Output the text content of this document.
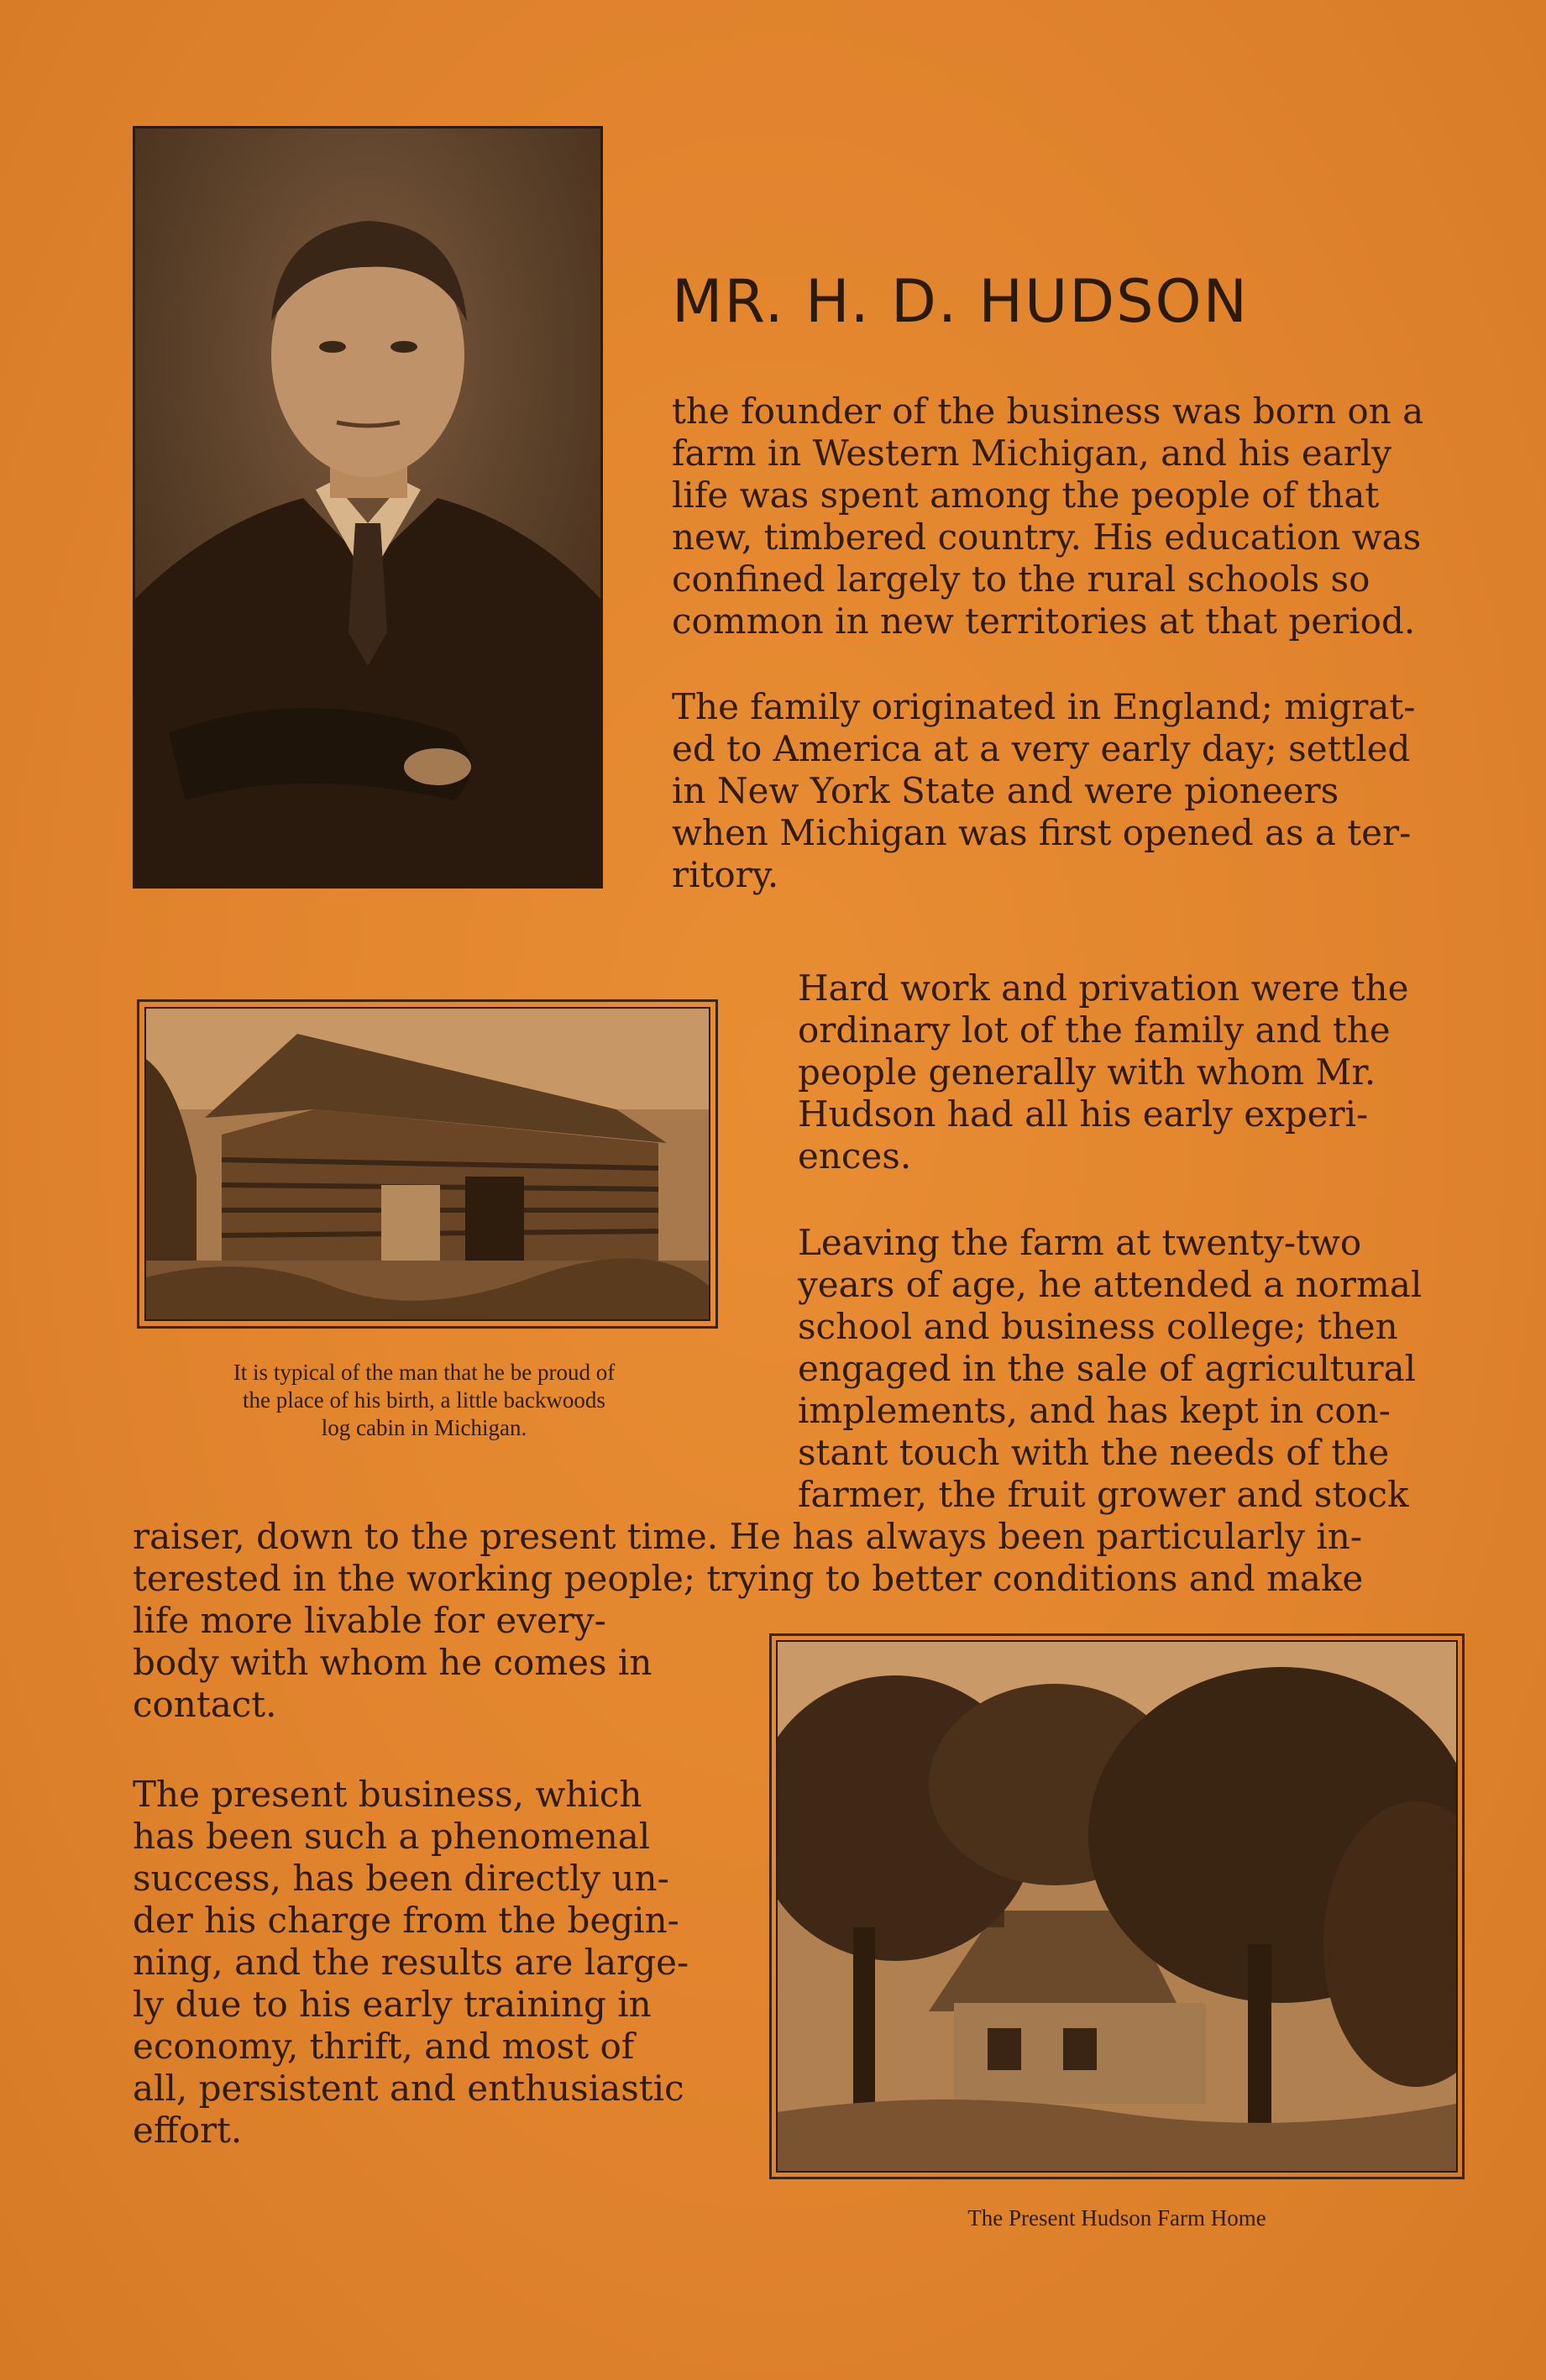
MR. H. D. HUDSON

the founder of the business was born on a

farm in Western Michigan, and his early

life was spent among the people of that

new, timbered country. His education was

confined largely to the rural schools so

common in new territories at that period.

The family originated in England; migrat-

ed to America at a very early day; settled

in New York State and were pioneers

when Michigan was first opened as a ter-

ritory.

It is typical of the man that he be proud of
the place of his birth, a little backwoods
log cabin in Michigan.

Hard work and privation were the

ordinary lot of the family and the

people generally with whom Mr.

Hudson had all his early experi-

ences.

Leaving the farm at twenty-two

years of age, he attended a normal

school and business college; then

engaged in the sale of agricultural

implements, and has kept in con-

stant touch with the needs of the

farmer, the fruit grower and stock

raiser, down to the present time. He has always been particularly in-

terested in the working people; trying to better conditions and make

life more livable for every-

body with whom he comes in

contact.

The present business, which

has been such a phenomenal

success, has been directly un-

der his charge from the begin-

ning, and the results are large-

ly due to his early training in

economy, thrift, and most of

all, persistent and enthusiastic

effort.

The Present Hudson Farm Home
